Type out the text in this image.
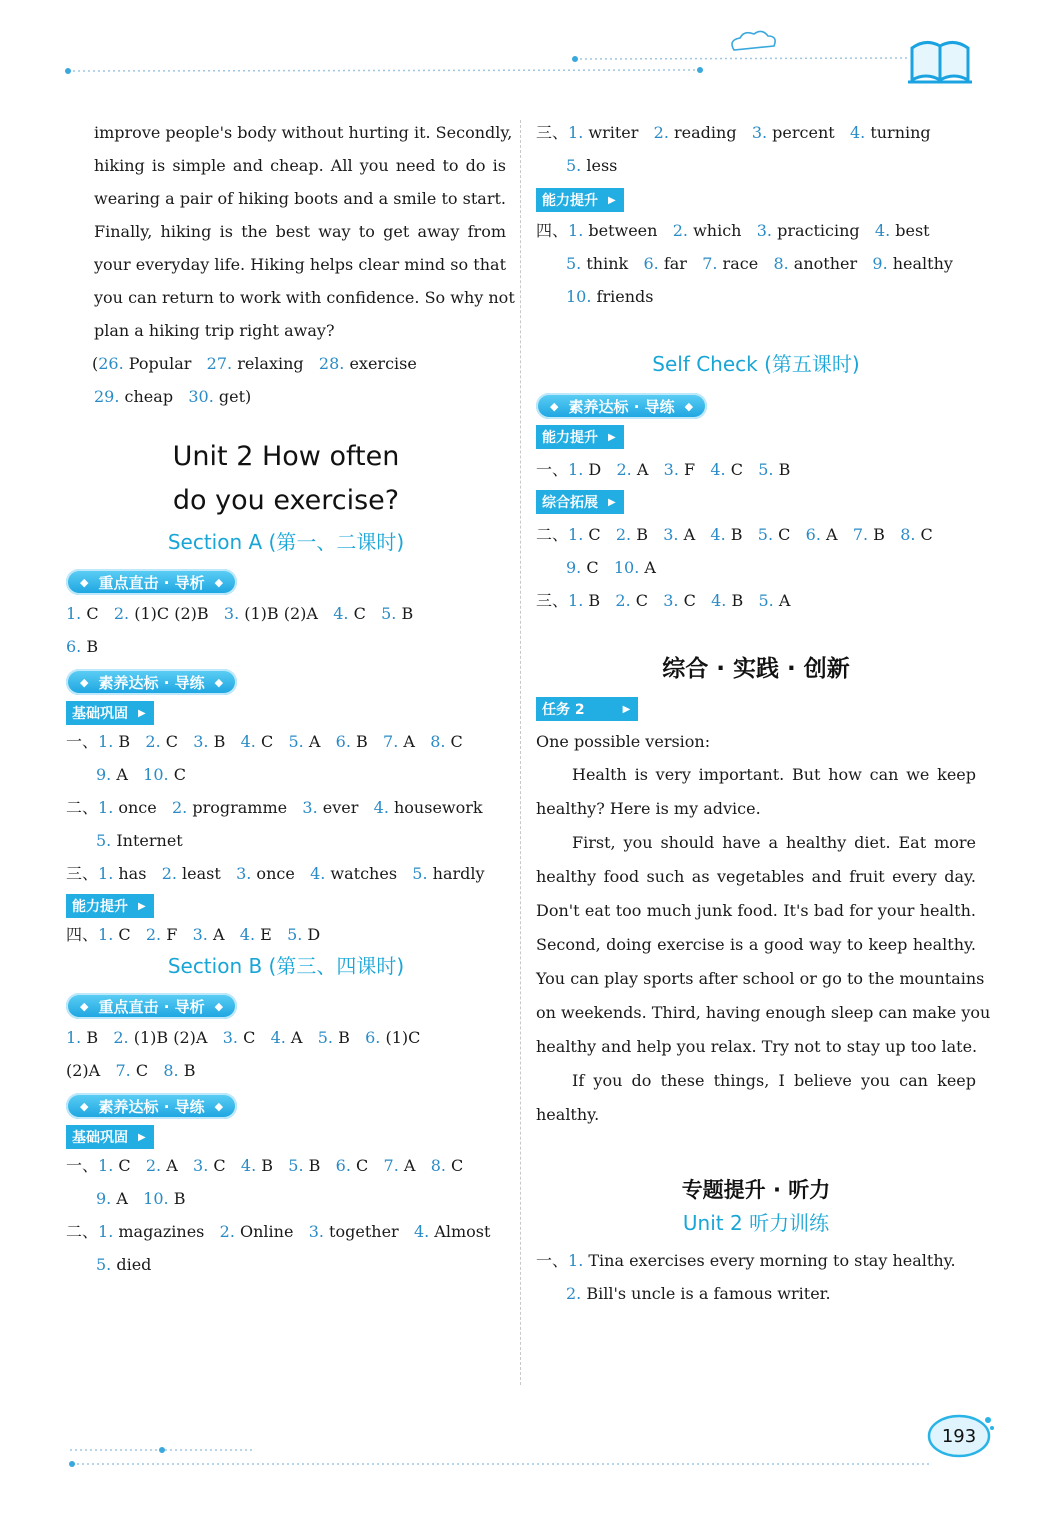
improve people's body without hurting it. Secondly,
hiking is simple and cheap. All you need to do is
wearing a pair of hiking boots and a smile to start.
Finally, hiking is the best way to get away from
your everyday life. Hiking helps clear mind so that
you can return to work with confidence. So why not
plan a hiking trip right away?
(26. Popular 27. relaxing 28. exercise
29. cheap 30. get)
Unit 2 How often
do you exercise?
Section A (第一、二课时)
◆ 重点直击 · 导析 ◆
1. C 2. (1)C (2)B 3. (1)B (2)A 4. C 5. B
6. B
◆ 素养达标 · 导练 ◆
基础巩固 ▶
一、1. B 2. C 3. B 4. C 5. A 6. B 7. A 8. C
9. A 10. C
二、1. once 2. programme 3. ever 4. housework
5. Internet
三、1. has 2. least 3. once 4. watches 5. hardly
能力提升 ▶
四、1. C 2. F 3. A 4. E 5. D
Section B (第三、四课时)
◆ 重点直击 · 导析 ◆
1. B 2. (1)B (2)A 3. C 4. A 5. B 6. (1)C
(2)A 7. C 8. B
◆ 素养达标 · 导练 ◆
基础巩固 ▶
一、1. C 2. A 3. C 4. B 5. B 6. C 7. A 8. C
9. A 10. B
二、1. magazines 2. Online 3. together 4. Almost
5. died
三、1. writer 2. reading 3. percent 4. turning
5. less
能力提升 ▶
四、1. between 2. which 3. practicing 4. best
5. think 6. far 7. race 8. another 9. healthy
10. friends
Self Check (第五课时)
◆ 素养达标 · 导练 ◆
能力提升 ▶
一、1. D 2. A 3. F 4. C 5. B
综合拓展 ▶
二、1. C 2. B 3. A 4. B 5. C 6. A 7. B 8. C
9. C 10. A
三、1. B 2. C 3. C 4. B 5. A
综合 · 实践 · 创新
任务 2	▶
One possible version:
Health is very important. But how can we keep
healthy? Here is my advice.
First, you should have a healthy diet. Eat more
healthy food such as vegetables and fruit every day.
Don't eat too much junk food. It's bad for your health.
Second, doing exercise is a good way to keep healthy.
You can play sports after school or go to the mountains
on weekends. Third, having enough sleep can make you
healthy and help you relax. Try not to stay up too late.
If you do these things, I believe you can keep
healthy.
专题提升 · 听力
Unit 2 听力训练
一、1. Tina exercises every morning to stay healthy.
2. Bill's uncle is a famous writer.
193
